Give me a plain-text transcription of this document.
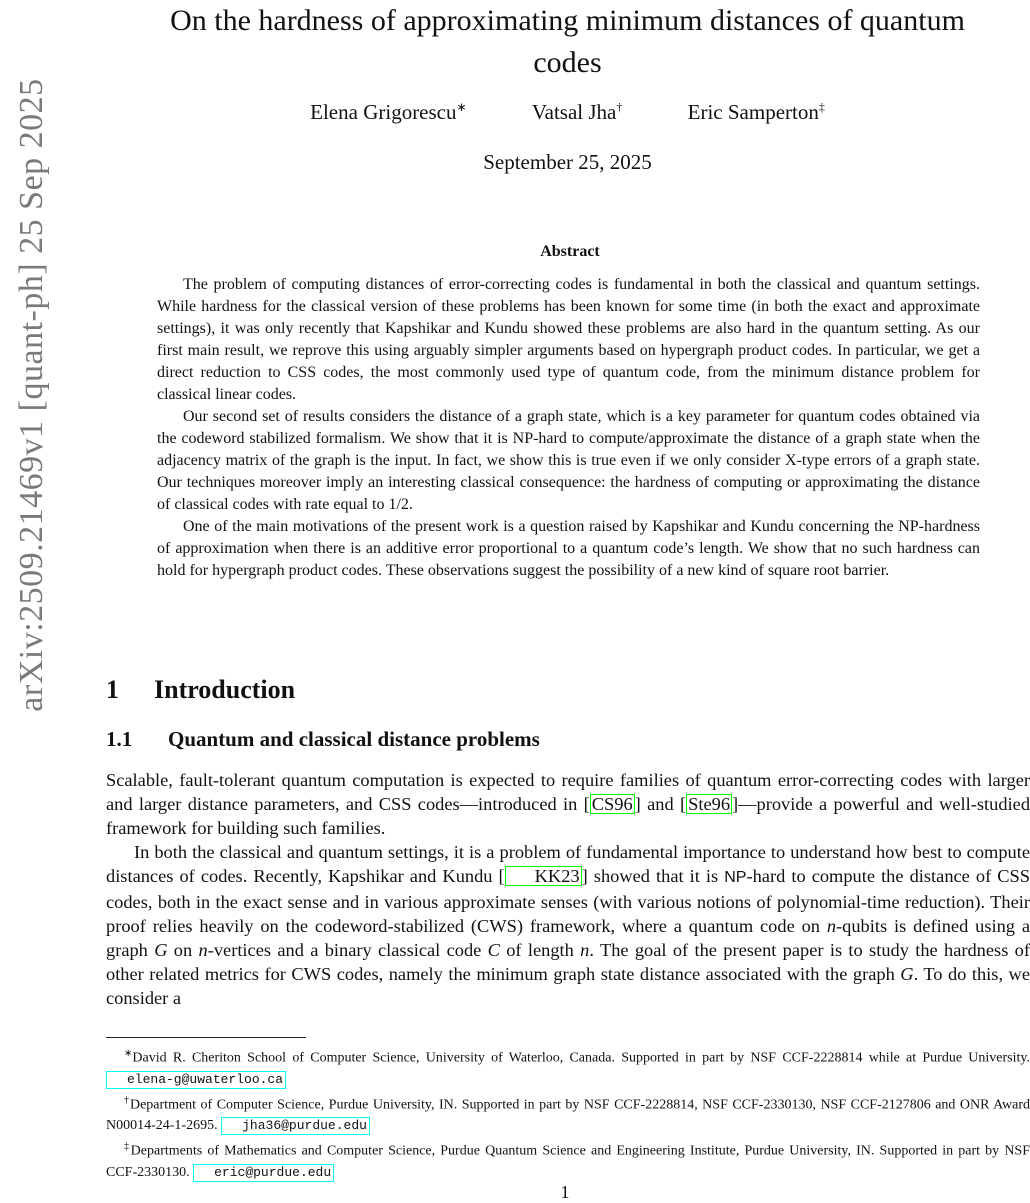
arXiv:2509.21469v1 [quant-ph] 25 Sep 2025
On the hardness of approximating minimum distances of quantum
codes
Elena Grigorescu∗	Vatsal Jha†	Eric Samperton‡
September 25, 2025
Abstract

The problem of computing distances of error-correcting codes is fundamental in both the classical and quantum settings. While hardness for the classical version of these problems has been known for some time (in both the exact and approximate settings), it was only recently that Kapshikar and Kundu showed these problems are also hard in the quantum setting. As our first main result, we reprove this using arguably simpler arguments based on hypergraph product codes. In particular, we get a direct reduction to CSS codes, the most commonly used type of quantum code, from the minimum distance problem for classical linear codes.

Our second set of results considers the distance of a graph state, which is a key parameter for quantum codes obtained via the codeword stabilized formalism. We show that it is NP-hard to compute/approximate the distance of a graph state when the adjacency matrix of the graph is the input. In fact, we show this is true even if we only consider X-type errors of a graph state. Our techniques moreover imply an interesting classical consequence: the hardness of computing or approximating the distance of classical codes with rate equal to 1/2.

One of the main motivations of the present work is a question raised by Kapshikar and Kundu concerning the NP-hardness of approximation when there is an additive error proportional to a quantum code’s length. We show that no such hardness can hold for hypergraph product codes. These observations suggest the possibility of a new kind of square root barrier.

1 Introduction
1.1 Quantum and classical distance problems

Scalable, fault-tolerant quantum computation is expected to require families of quantum error-correcting codes with larger and larger distance parameters, and CSS codes—introduced in [ CS96 ] and [ Ste96 ]—provide a powerful and well-studied framework for building such families.

In both the classical and quantum settings, it is a problem of fundamental importance to understand how best to compute distances of codes. Recently, Kapshikar and Kundu [ KK23 ] showed that it is NP-hard to compute the distance of CSS codes, both in the exact sense and in various approximate senses (with various notions of polynomial-time reduction). Their proof relies heavily on the codeword-stabilized (CWS) framework, where a quantum code on n-qubits is defined using a graph G on n-vertices and a binary classical code C of length n. The goal of the present paper is to study the hardness of other related metrics for CWS codes, namely the minimum graph state distance associated with the graph G. To do this, we consider a

∗David R. Cheriton School of Computer Science, University of Waterloo, Canada. Supported in part by NSF CCF-2228814 while at Purdue University. elena-g@uwaterloo.ca

†Department of Computer Science, Purdue University, IN. Supported in part by NSF CCF-2228814, NSF CCF-2330130, NSF CCF-2127806 and ONR Award N00014-24-1-2695. jha36@purdue.edu

‡Departments of Mathematics and Computer Science, Purdue Quantum Science and Engineering Institute, Purdue University, IN. Supported in part by NSF CCF-2330130. eric@purdue.edu

1
